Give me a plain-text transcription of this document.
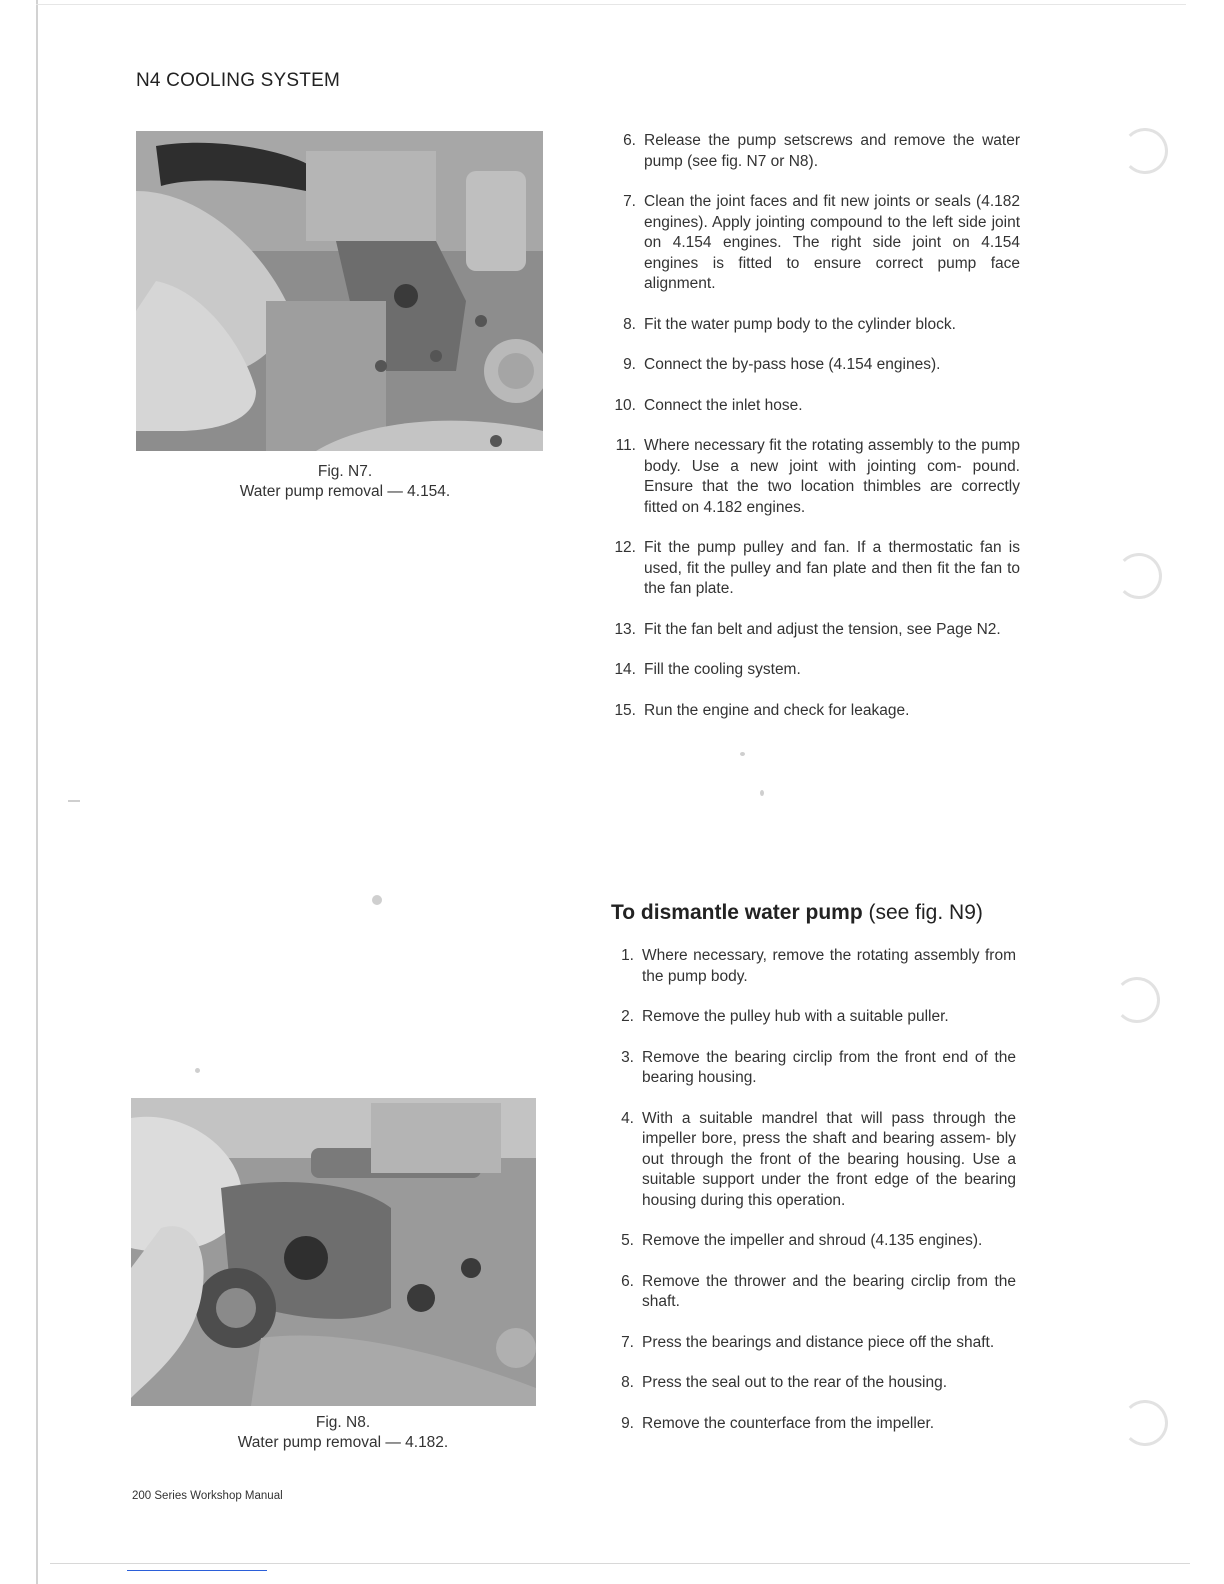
N4 COOLING SYSTEM
Fig. N7.
Water pump removal — 4.154.
Fig. N8.
Water pump removal — 4.182.
6. Release the pump setscrews and remove the water pump (see fig. N7 or N8).
7. Clean the joint faces and fit new joints or seals (4.182 engines). Apply jointing compound to the left side joint on 4.154 engines. The right side joint on 4.154 engines is fitted to ensure correct pump face alignment.
8. Fit the water pump body to the cylinder block.
9. Connect the by-pass hose (4.154 engines).
10. Connect the inlet hose.
11. Where necessary fit the rotating assembly to the pump body. Use a new joint with jointing com- pound. Ensure that the two location thimbles are correctly fitted on 4.182 engines.
12. Fit the pump pulley and fan. If a thermostatic fan is used, fit the pulley and fan plate and then fit the fan to the fan plate.
13. Fit the fan belt and adjust the tension, see Page N2.
14. Fill the cooling system.
15. Run the engine and check for leakage.
To dismantle water pump (see fig. N9)
1. Where necessary, remove the rotating assembly from the pump body.
2. Remove the pulley hub with a suitable puller.
3. Remove the bearing circlip from the front end of the bearing housing.
4. With a suitable mandrel that will pass through the impeller bore, press the shaft and bearing assem- bly out through the front of the bearing housing. Use a suitable support under the front edge of the bearing housing during this operation.
5. Remove the impeller and shroud (4.135 engines).
6. Remove the thrower and the bearing circlip from the shaft.
7. Press the bearings and distance piece off the shaft.
8. Press the seal out to the rear of the housing.
9. Remove the counterface from the impeller.
200 Series Workshop Manual
